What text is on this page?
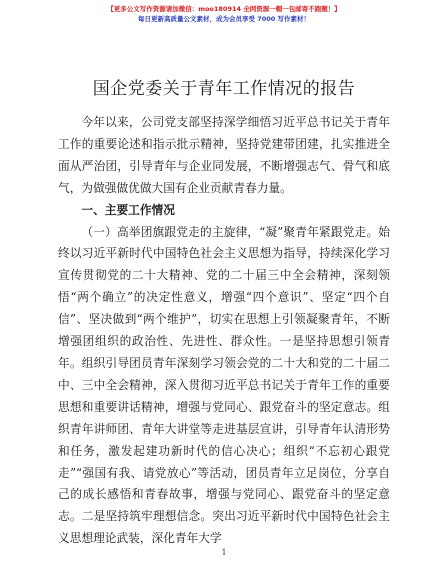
【更多公文写作资源请加微信：moo180914 全网资源一帽一包邮寄不跑题！】
每日更新高质量公文素材，成为会员享受 7000 写作素材！
国企党委关于青年工作情况的报告

今年以来，公司党支部坚持深学细悟习近平总书记关于青年工作的重要论述和指示批示精神，坚持党建带团建，扎实推进全面从严治团，引导青年与企业同发展，不断增强志气、骨气和底气，为做强做优做大国有企业贡献青春力量。

一、主要工作情况

（一）高举团旗跟党走的主旋律，“凝”聚青年紧跟党走。始终以习近平新时代中国特色社会主义思想为指导，持续深化学习宣传贯彻党的二十大精神、党的二十届三中全会精神，深刻领悟“两个确立”的决定性意义，增强“四个意识”、坚定“四个自信”、坚决做到“两个维护”，切实在思想上引领凝聚青年，不断增强团组织的政治性、先进性、群众性。一是坚持思想引领青年。组织引导团员青年深刻学习领会党的二十大和党的二十届二中、三中全会精神，深入贯彻习近平总书记关于青年工作的重要思想和重要讲话精神，增强与党同心、跟党奋斗的坚定意志。组织青年讲师团、青年大讲堂等走进基层宣讲，引导青年认清形势和任务，激发起建功新时代的信心决心；组织“不忘初心跟党走”“强国有我、请党放心”等活动，团员青年立足岗位，分享自己的成长感悟和青春故事，增强与党同心、跟党奋斗的坚定意志。二是坚持筑牢理想信念。突出习近平新时代中国特色社会主义思想理论武装，深化青年大学

1
